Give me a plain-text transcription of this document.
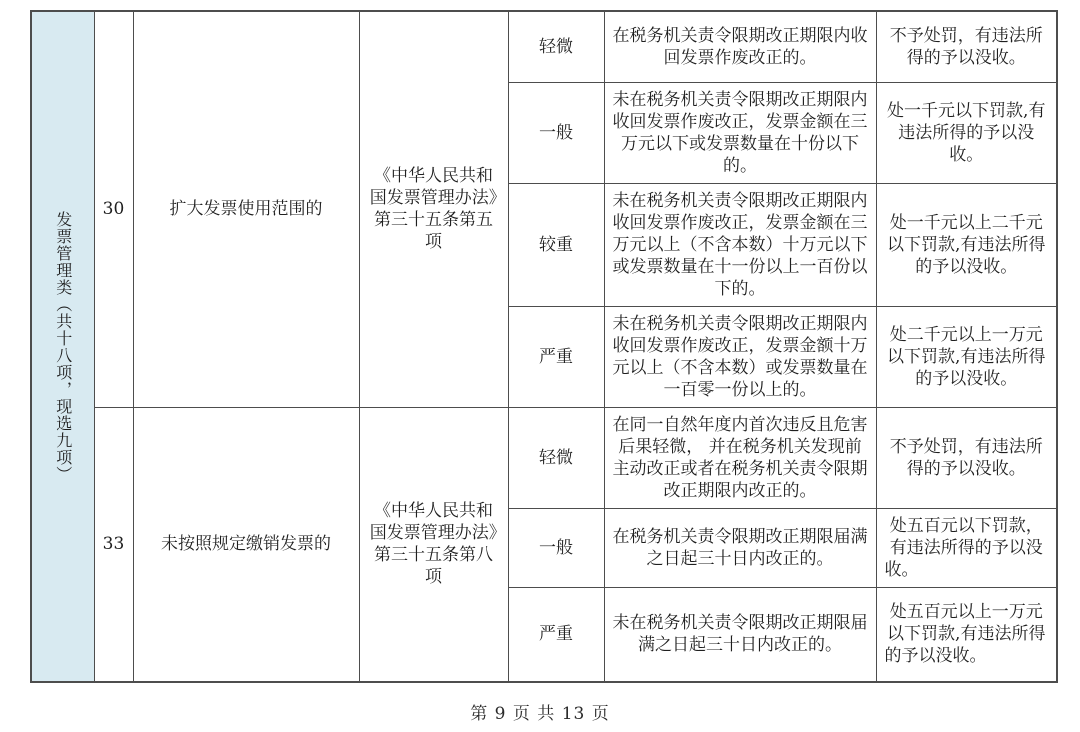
发票管理类（共十八项，现选九项）	30	扩大发票使用范围的	《中华人民共和国发票管理办法》第三十五条第五项	轻微	在税务机关责令限期改正期限内收回发票作废改正的。	不予处罚，有违法所得的予以没收。
				一般	未在税务机关责令限期改正期限内收回发票作废改正，发票金额在三万元以下或发票数量在十份以下的。	处一千元以下罚款,有违法所得的予以没收。
				较重	未在税务机关责令限期改正期限内收回发票作废改正，发票金额在三万元以上（不含本数）十万元以下或发票数量在十一份以上一百份以下的。	处一千元以上二千元以下罚款,有违法所得的予以没收。
				严重	未在税务机关责令限期改正期限内收回发票作废改正，发票金额十万元以上（不含本数）或发票数量在一百零一份以上的。	处二千元以上一万元以下罚款,有违法所得的予以没收。
	33	未按照规定缴销发票的	《中华人民共和国发票管理办法》第三十五条第八项	轻微	在同一自然年度内首次违反且危害后果轻微， 并在税务机关发现前主动改正或者在税务机关责令限期改正期限内改正的。	不予处罚，有违法所得的予以没收。
				一般	在税务机关责令限期改正期限届满之日起三十日内改正的。	处五百元以下罚款，有违法所得的予以没收。
				严重	未在税务机关责令限期改正期限届满之日起三十日内改正的。	处五百元以上一万元以下罚款,有违法所得的予以没收。
第 9 页 共 13 页
